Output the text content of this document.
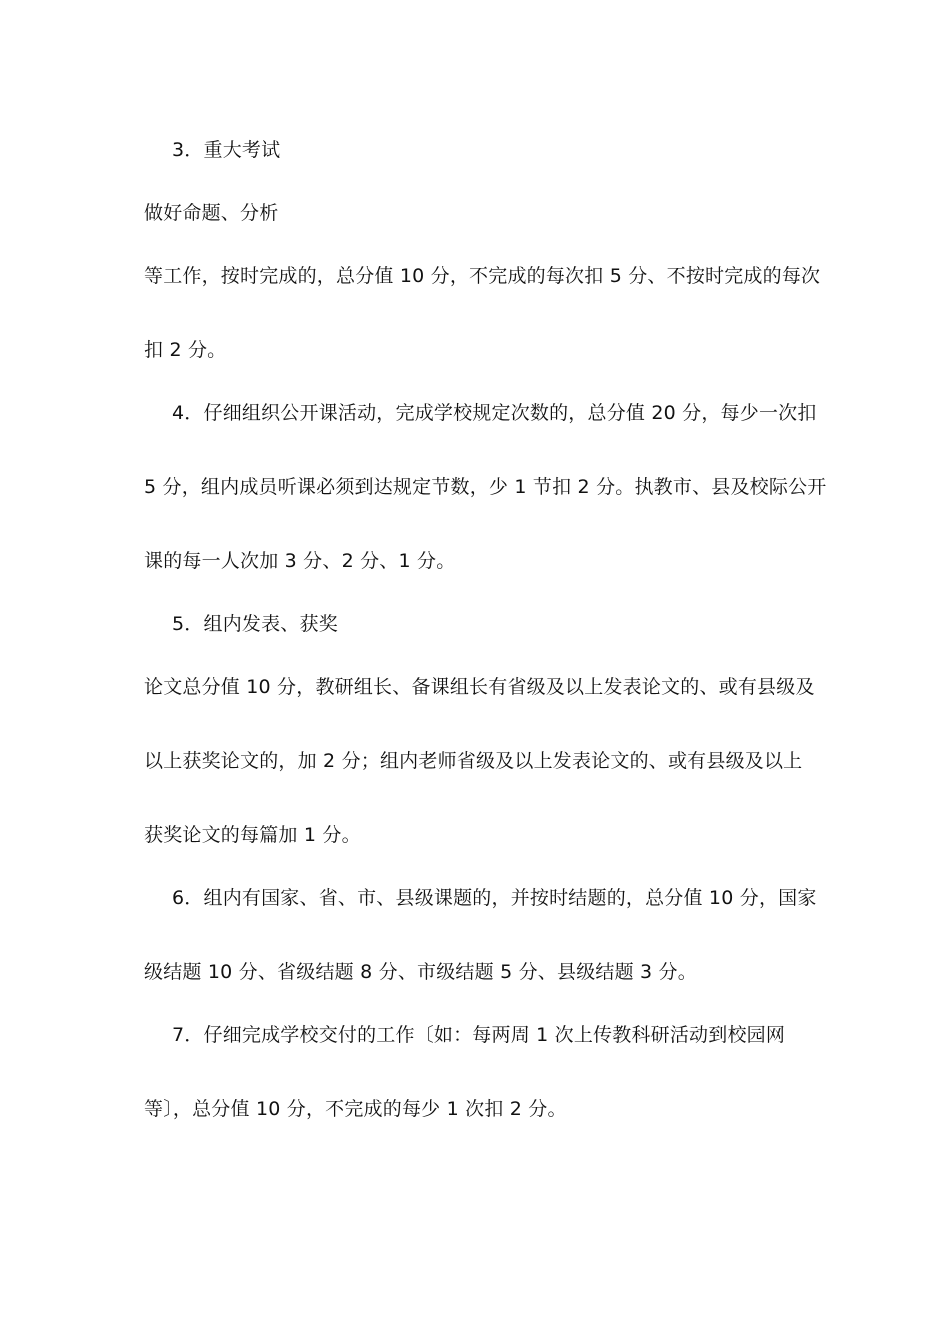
3．重大考试

做好命题、分析

等工作，按时完成的，总分值 10 分，不完成的每次扣 5 分、不按时完成的每次

扣 2 分。

4．仔细组织公开课活动，完成学校规定次数的，总分值 20 分，每少一次扣

5 分，组内成员听课必须到达规定节数，少 1 节扣 2 分。执教市、县及校际公开

课的每一人次加 3 分、2 分、1 分。

5．组内发表、获奖

论文总分值 10 分，教研组长、备课组长有省级及以上发表论文的、或有县级及

以上获奖论文的，加 2 分；组内老师省级及以上发表论文的、或有县级及以上

获奖论文的每篇加 1 分。

6．组内有国家、省、市、县级课题的，并按时结题的，总分值 10 分，国家

级结题 10 分、省级结题 8 分、市级结题 5 分、县级结题 3 分。

7．仔细完成学校交付的工作〔如：每两周 1 次上传教科研活动到校园网

等〕，总分值 10 分，不完成的每少 1 次扣 2 分。
